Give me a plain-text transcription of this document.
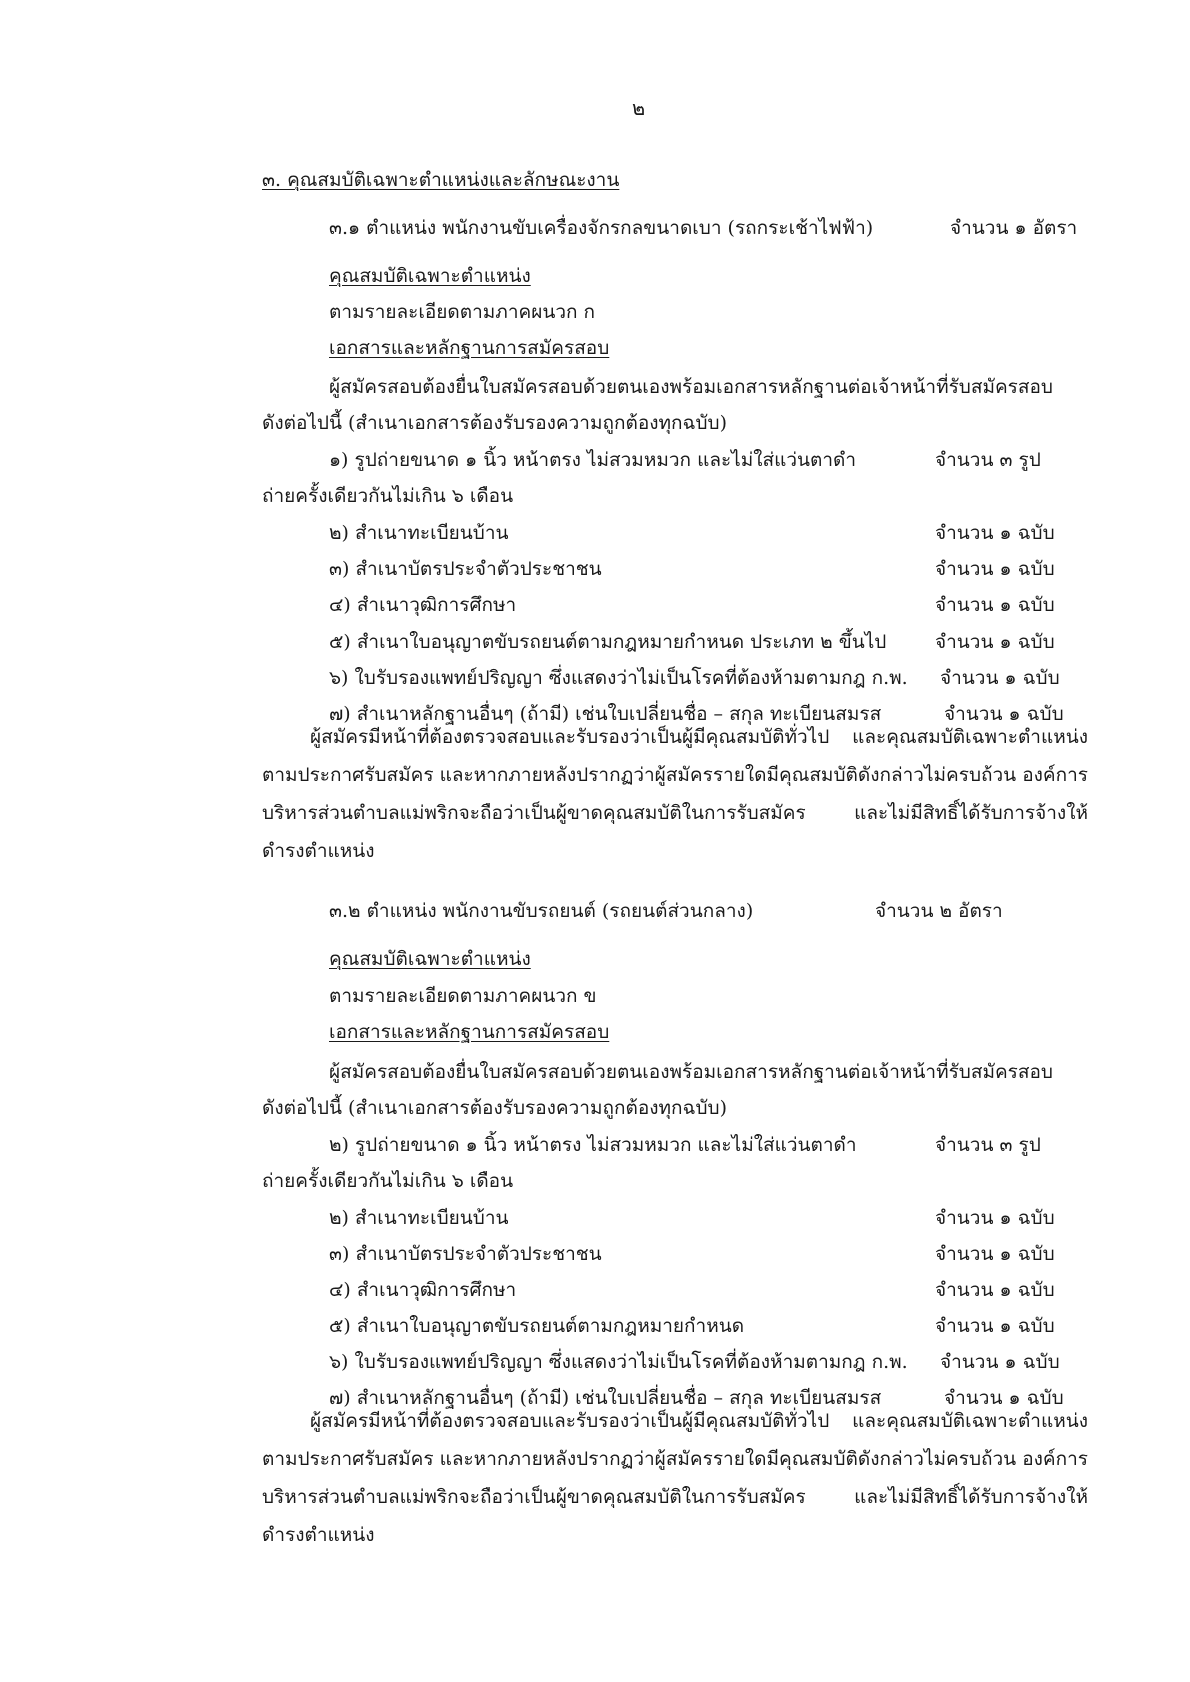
๒
๓. คุณสมบัติเฉพาะตำแหน่งและลักษณะงาน
๓.๑ ตำแหน่ง พนักงานขับเครื่องจักรกลขนาดเบา (รถกระเช้าไฟฟ้า)	จำนวน ๑ อัตรา
คุณสมบัติเฉพาะตำแหน่ง
ตามรายละเอียดตามภาคผนวก ก
เอกสารและหลักฐานการสมัครสอบ
ผู้สมัครสอบต้องยื่นใบสมัครสอบด้วยตนเองพร้อมเอกสารหลักฐานต่อเจ้าหน้าที่รับสมัครสอบ
ดังต่อไปนี้ (สำเนาเอกสารต้องรับรองความถูกต้องทุกฉบับ)
๑) รูปถ่ายขนาด ๑ นิ้ว หน้าตรง ไม่สวมหมวก และไม่ใส่แว่นตาดำ	จำนวน ๓ รูป
ถ่ายครั้งเดียวกันไม่เกิน ๖ เดือน
๒) สำเนาทะเบียนบ้าน	จำนวน ๑ ฉบับ
๓) สำเนาบัตรประจำตัวประชาชน	จำนวน ๑ ฉบับ
๔) สำเนาวุฒิการศึกษา	จำนวน ๑ ฉบับ
๕) สำเนาใบอนุญาตขับรถยนต์ตามกฎหมายกำหนด ประเภท ๒ ขึ้นไป	จำนวน ๑ ฉบับ
๖) ใบรับรองแพทย์ปริญญา ซึ่งแสดงว่าไม่เป็นโรคที่ต้องห้ามตามกฎ ก.พ. จำนวน ๑ ฉบับ
๗) สำเนาหลักฐานอื่นๆ (ถ้ามี) เช่นใบเปลี่ยนชื่อ – สกุล ทะเบียนสมรส	จำนวน ๑ ฉบับ

ผู้สมัครมีหน้าที่ต้องตรวจสอบและรับรองว่าเป็นผู้มีคุณสมบัติทั่วไป และคุณสมบัติเฉพาะตำแหน่ง ตามประกาศรับสมัคร และหากภายหลังปรากฏว่าผู้สมัครรายใดมีคุณสมบัติดังกล่าวไม่ครบถ้วน องค์การบริหารส่วนตำบลแม่พริกจะถือว่าเป็นผู้ขาดคุณสมบัติในการรับสมัคร และไม่มีสิทธิ์ได้รับการจ้างให้ดำรงตำแหน่ง

๓.๒ ตำแหน่ง พนักงานขับรถยนต์ (รถยนต์ส่วนกลาง)	จำนวน ๒ อัตรา
คุณสมบัติเฉพาะตำแหน่ง
ตามรายละเอียดตามภาคผนวก ข
เอกสารและหลักฐานการสมัครสอบ
ผู้สมัครสอบต้องยื่นใบสมัครสอบด้วยตนเองพร้อมเอกสารหลักฐานต่อเจ้าหน้าที่รับสมัครสอบ
ดังต่อไปนี้ (สำเนาเอกสารต้องรับรองความถูกต้องทุกฉบับ)
๒) รูปถ่ายขนาด ๑ นิ้ว หน้าตรง ไม่สวมหมวก และไม่ใส่แว่นตาดำ	จำนวน ๓ รูป
ถ่ายครั้งเดียวกันไม่เกิน ๖ เดือน
๒) สำเนาทะเบียนบ้าน	จำนวน ๑ ฉบับ
๓) สำเนาบัตรประจำตัวประชาชน	จำนวน ๑ ฉบับ
๔) สำเนาวุฒิการศึกษา	จำนวน ๑ ฉบับ
๕) สำเนาใบอนุญาตขับรถยนต์ตามกฎหมายกำหนด	จำนวน ๑ ฉบับ
๖) ใบรับรองแพทย์ปริญญา ซึ่งแสดงว่าไม่เป็นโรคที่ต้องห้ามตามกฎ ก.พ. จำนวน ๑ ฉบับ
๗) สำเนาหลักฐานอื่นๆ (ถ้ามี) เช่นใบเปลี่ยนชื่อ – สกุล ทะเบียนสมรส	จำนวน ๑ ฉบับ

ผู้สมัครมีหน้าที่ต้องตรวจสอบและรับรองว่าเป็นผู้มีคุณสมบัติทั่วไป และคุณสมบัติเฉพาะตำแหน่ง ตามประกาศรับสมัคร และหากภายหลังปรากฏว่าผู้สมัครรายใดมีคุณสมบัติดังกล่าวไม่ครบถ้วน องค์การบริหารส่วนตำบลแม่พริกจะถือว่าเป็นผู้ขาดคุณสมบัติในการรับสมัคร และไม่มีสิทธิ์ได้รับการจ้างให้ดำรงตำแหน่ง
